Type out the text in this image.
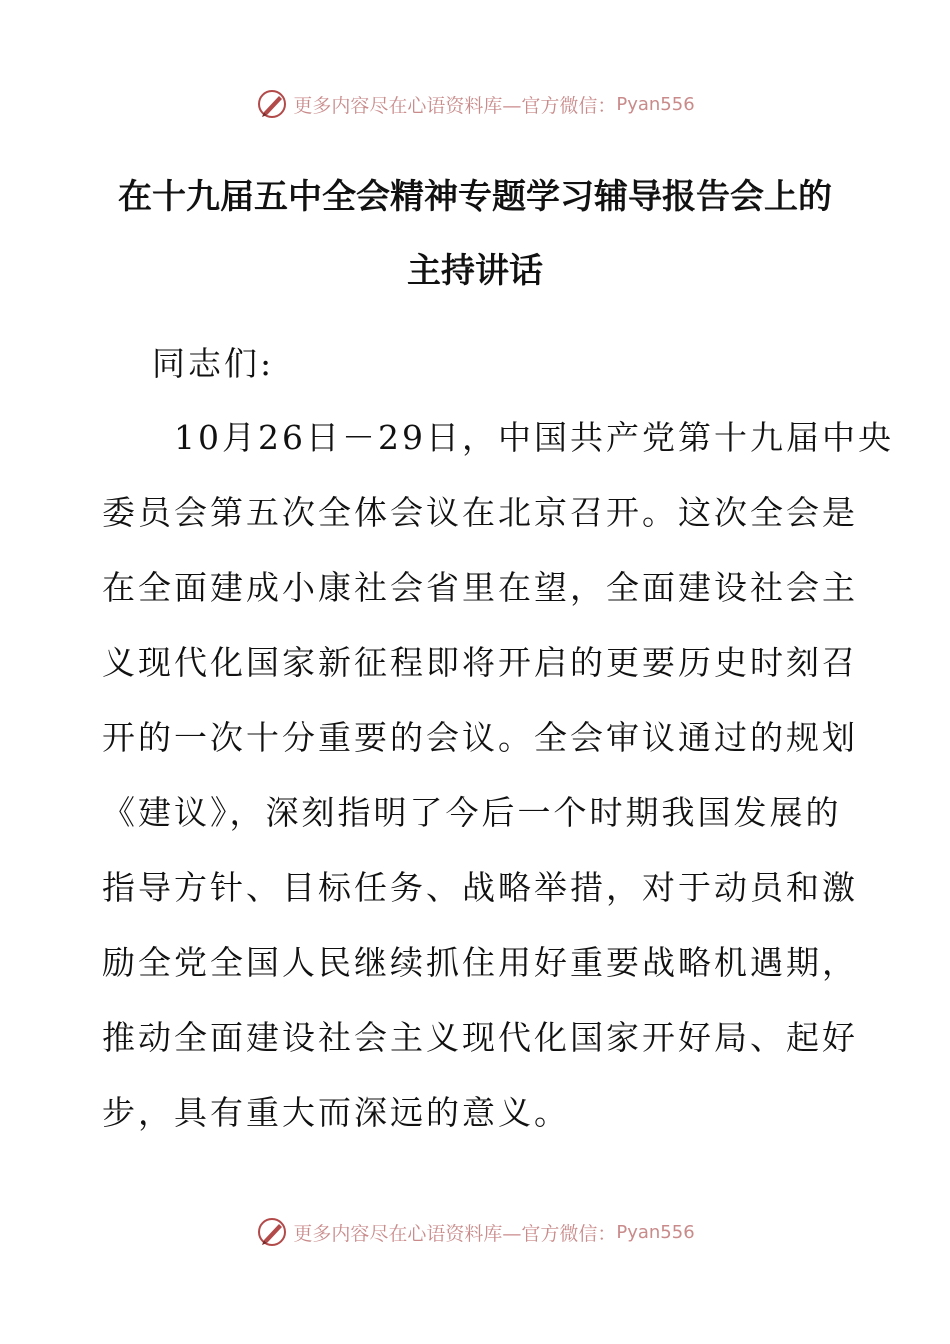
更多内容尽在心语资料库—官方微信： Pyan556
在十九届五中全会精神专题学习辅导报告会上的
主持讲话
同志们:
　　10月26日－29日，中国共产党第十九届中央
委员会第五次全体会议在北京召开。这次全会是
在全面建成小康社会省里在望，全面建设社会主
义现代化国家新征程即将开启的更要历史时刻召
开的一次十分重要的会议。全会审议通过的规划
《建议》，深刻指明了今后一个时期我国发展的
指导方针、目标任务、战略举措，对于动员和激
励全党全国人民继续抓住用好重要战略机遇期，
推动全面建设社会主义现代化国家开好局、起好
步，具有重大而深远的意义。
更多内容尽在心语资料库—官方微信： Pyan556
